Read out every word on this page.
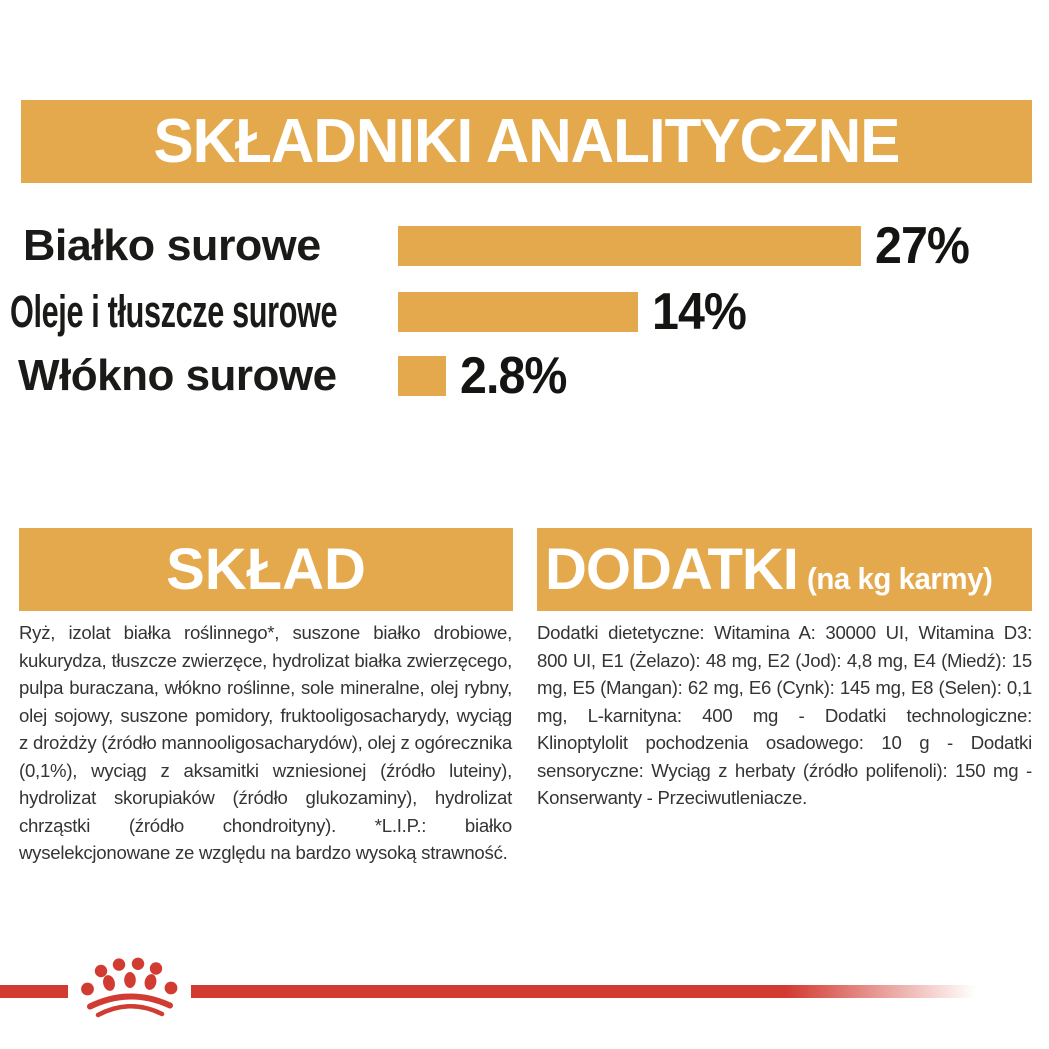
SKŁADNIKI ANALITYCZNE
Białko surowe	27%
Oleje i tłuszcze surowe	14%
Włókno surowe	2.8%
SKŁAD
Ryż, izolat białka roślinnego*, suszone białko drobiowe, kukurydza, tłuszcze zwierzęce, hydrolizat białka zwierzęcego, pulpa buraczana, włókno roślinne, sole mineralne, olej rybny, olej sojowy, suszone pomidory, fruktooligosacharydy, wyciąg z drożdży (źródło mannooligosacharydów), olej z ogórecznika (0,1%), wyciąg z aksamitki wzniesionej (źródło luteiny), hydrolizat skorupiaków (źródło glukozaminy), hydrolizat chrząstki (źródło chondroityny). *L.I.P.: białko wyselekcjonowane ze względu na bardzo wysoką strawność.
DODATKI (na kg karmy)
Dodatki dietetyczne: Witamina A: 30000 UI, Witamina D3: 800 UI, E1 (Żelazo): 48 mg, E2 (Jod): 4,8 mg, E4 (Miedź): 15 mg, E5 (Mangan): 62 mg, E6 (Cynk): 145 mg, E8 (Selen): 0,1 mg, L-karnityna: 400 mg - Dodatki technologiczne: Klinoptylolit pochodzenia osadowego: 10 g - Dodatki sensoryczne: Wyciąg z herbaty (źródło polifenoli): 150 mg - Konserwanty - Przeciwutleniacze.
